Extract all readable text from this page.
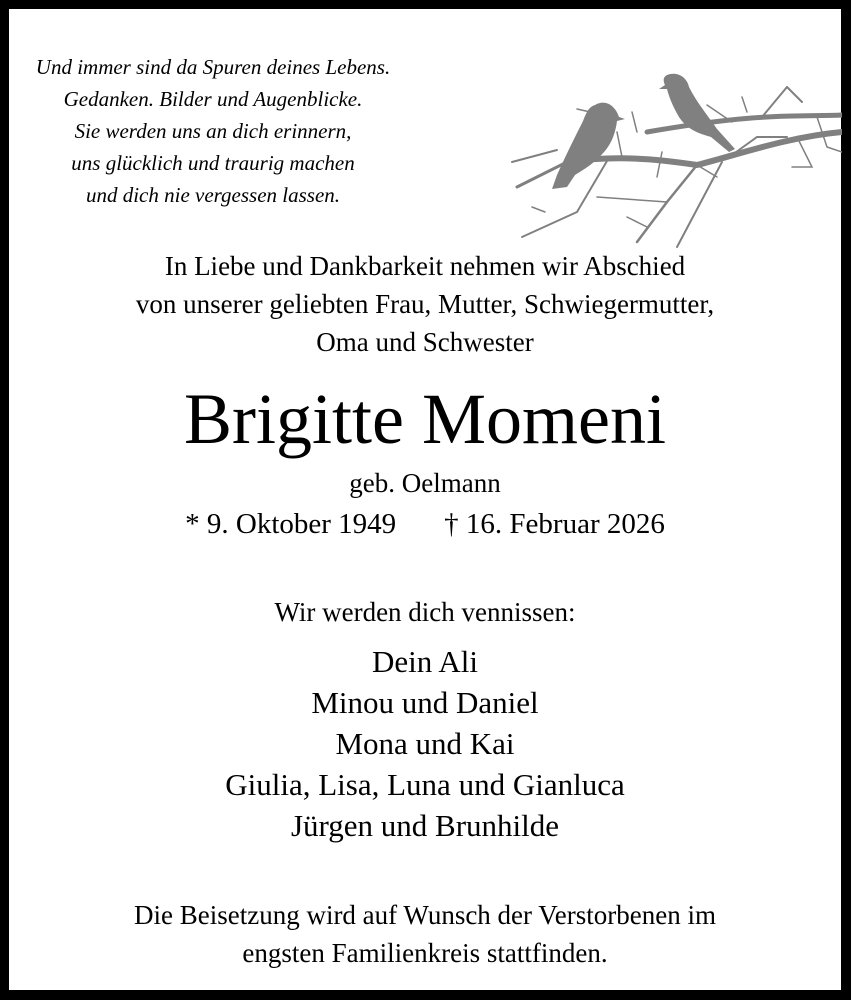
Und immer sind da Spuren deines Lebens.
Gedanken. Bilder und Augenblicke.
Sie werden uns an dich erinnern,
uns glücklich und traurig machen
und dich nie vergessen lassen.
In Liebe und Dankbarkeit nehmen wir Abschied
von unserer geliebten Frau, Mutter, Schwiegermutter,
Oma und Schwester
Brigitte Momeni
geb. Oelmann
* 9. Oktober 1949 † 16. Februar 2026
Wir werden dich vennissen:
Dein Ali
Minou und Daniel
Mona und Kai
Giulia, Lisa, Luna und Gianluca
Jürgen und Brunhilde
Die Beisetzung wird auf Wunsch der Verstorbenen im
engsten Familienkreis stattfinden.
